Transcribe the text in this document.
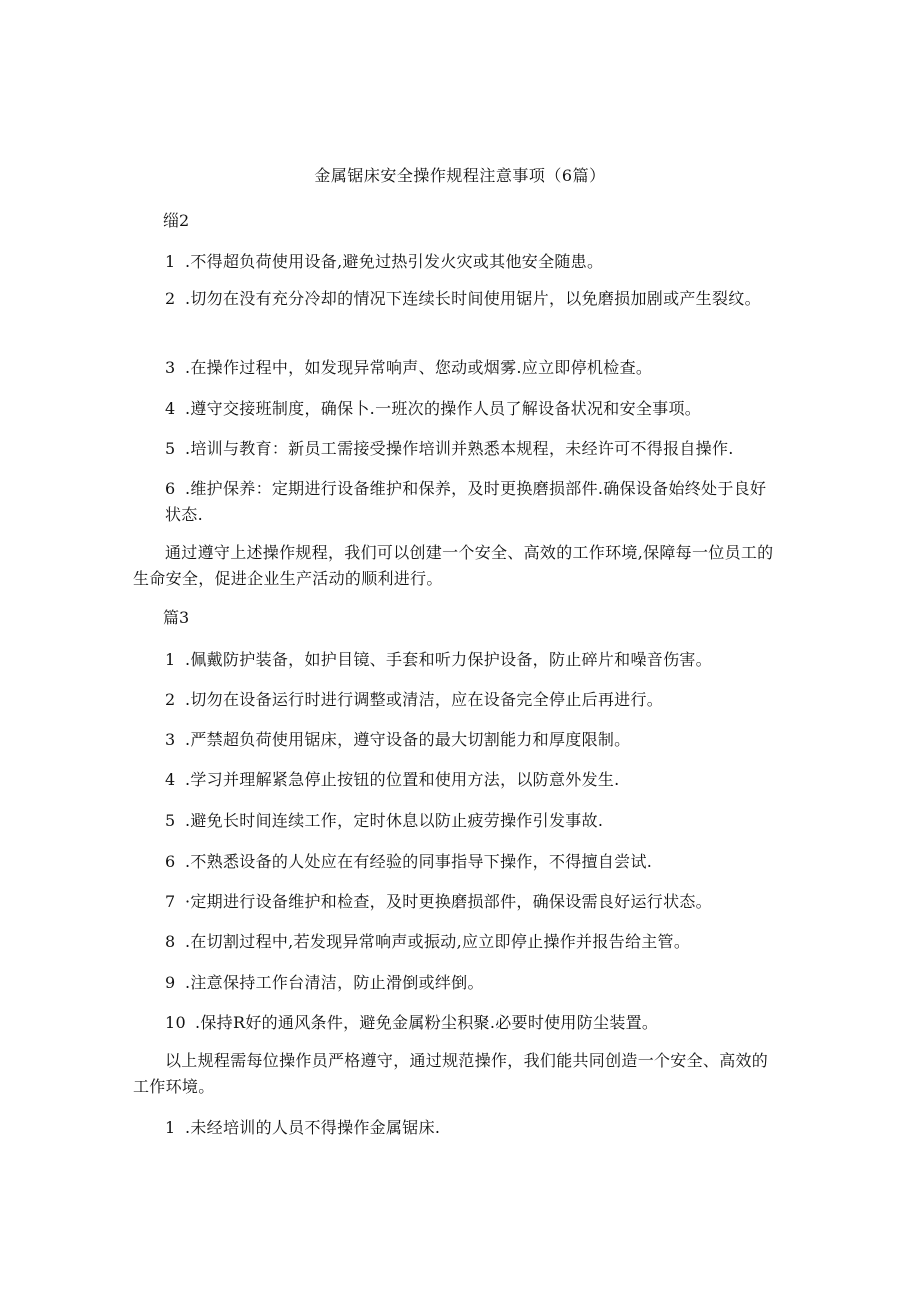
金属锯床安全操作规程注意事项（6篇）
缁2
1 .不得超负荷使用设备,避免过热引发火灾或其他安全随患。
2 .切勿在没有充分冷却的情况下连续长时间使用锯片，以免磨损加剧或产生裂纹。
3 .在操作过程中，如发现异常响声、您动或烟雾.应立即停机检查。
4 .遵守交接班制度，确保卜.一班次的操作人员了解设备状况和安全事项。
5 .培训与教育：新员工需接受操作培训并熟悉本规程，未经许可不得报自操作.
6 .维护保养：定期进行设备维护和保养，及时更换磨损部件.确保设备始终处于良好状态.
通过遵守上述操作规程，我们可以创建一个安全、高效的工作环境,保障每一位员工的生命安全，促进企业生产活动的顺利进行。
篇3
1 .佩戴防护装备，如护目镜、手套和听力保护设备，防止碎片和噪音伤害。
2 .切勿在设备运行时进行调整或清洁，应在设备完全停止后再进行。
3 .严禁超负荷使用锯床，遵守设备的最大切割能力和厚度限制。
4 .学习并理解紧急停止按钮的位置和使用方法，以防意外发生.
5 .避免长时间连续工作，定时休息以防止疲劳操作引发事故.
6 .不熟悉设备的人处应在有经验的同事指导下操作，不得擅自尝试.
7 ·定期进行设备维护和检查，及时更换磨损部件，确保设需良好运行状态。
8 .在切割过程中,若发现异常响声或振动,应立即停止操作并报告给主管。
9 .注意保持工作台清洁，防止滑倒或绊倒。
10 .保持R好的通风条件，避免金属粉尘积聚.必要时使用防尘装置。
以上规程需每位操作员严格遵守，通过规范操作，我们能共同创造一个安全、高效的工作环境。
1 .未经培训的人员不得操作金属锯床.
